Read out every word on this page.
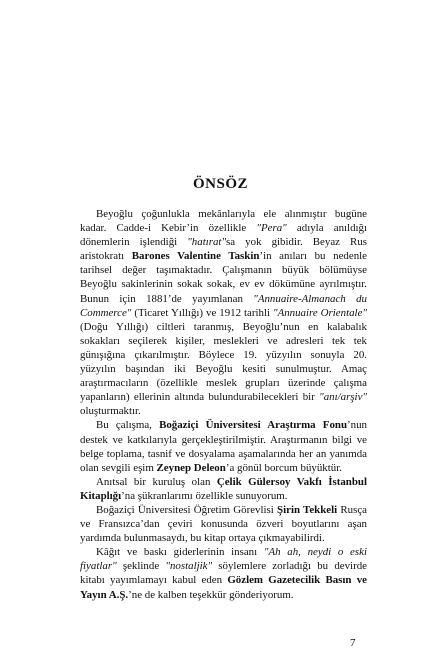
ÖNSÖZ

Beyoğlu çoğunlukla mekânlarıyla ele alınmıştır bugüne kadar. Cadde-i Kebir’in özellikle "Pera" adıyla anıldığı dönemlerin işlendiği "hatırat"sa yok gibidir. Beyaz Rus aristokratı Barones Valentine Taskin’in anıları bu nedenle tarihsel değer taşımaktadır. Çalışmanın büyük bölümüyse Beyoğlu sakinlerinin sokak sokak, ev ev dökümüne ayrılmıştır. Bunun için 1881’de yayımlanan "Annuaire-Almanach du Commerce" (Ticaret Yıllığı) ve 1912 tarihli "Annuaire Orientale" (Doğu Yıllığı) ciltleri taranmış, Beyoğlu’nun en kalabalık sokakları seçilerek kişiler, meslekleri ve adresleri tek tek günışığına çıkarılmıştır. Böylece 19. yüzyılın sonuyla 20. yüzyılın başından iki Beyoğlu kesiti sunulmuştur. Amaç araştırmacıların (özellikle meslek grupları üzerinde çalışma yapanların) ellerinin altında bulundurabilecekleri bir "anı/arşiv" oluşturmaktır.

Bu çalışma, Boğaziçi Üniversitesi Araştırma Fonu’nun destek ve katkılarıyla gerçekleştirilmiştir. Araştırmanın bilgi ve belge toplama, tasnif ve dosyalama aşamalarında her an yanımda olan sevgili eşim Zeynep Deleon’a gönül borcum büyüktür.

Anıtsal bir kuruluş olan Çelik Gülersoy Vakfı İstanbul Kitaplığı’na şükranlarımı özellikle sunuyorum.

Boğaziçi Üniversitesi Öğretim Görevlisi Şirin Tekkeli Rusça ve Fransızca’dan çeviri konusunda özveri boyutlarını aşan yardımda bulunmasaydı, bu kitap ortaya çıkmayabilirdi.

Kâğıt ve baskı giderlerinin insanı "Ah ah, neydi o eski fiyatlar" şeklinde "nostaljik" söylemlere zorladığı bu devirde kitabı yayımlamayı kabul eden Gözlem Gazetecilik Basın ve Yayın A.Ş.’ne de kalben teşekkür gönderiyorum.

7
